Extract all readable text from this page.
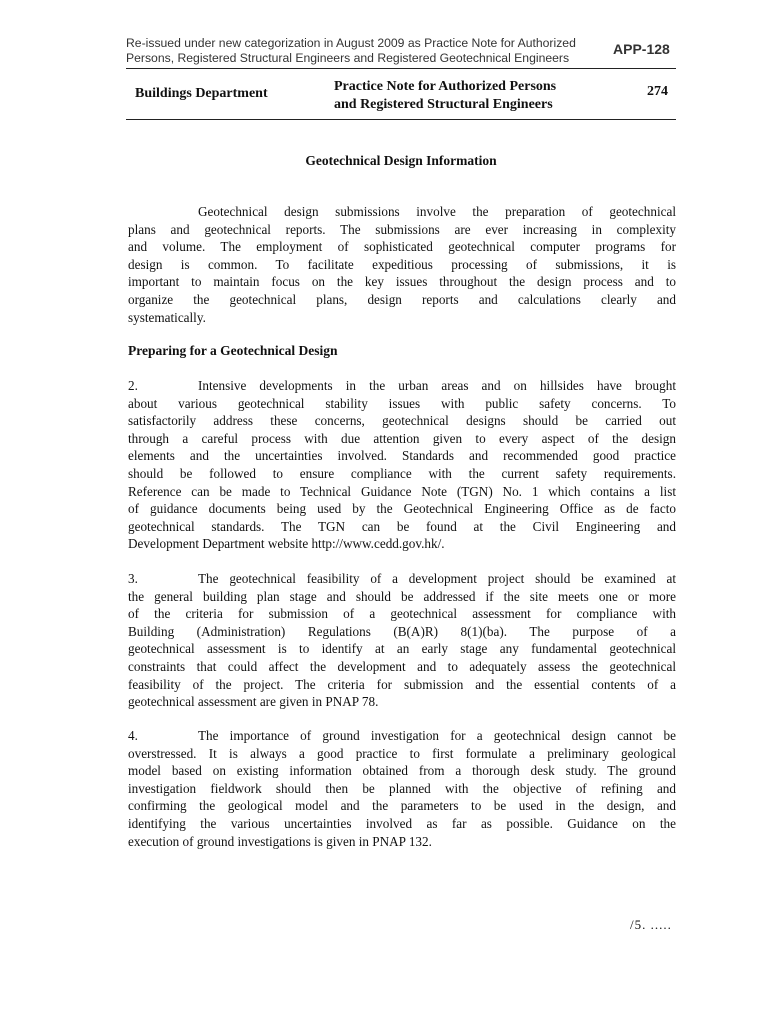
Re-issued under new categorization in August 2009 as Practice Note for Authorized
Persons, Registered Structural Engineers and Registered Geotechnical Engineers
APP-128
Buildings Department	Practice Note for Authorized Persons
and Registered Structural Engineers
274
Geotechnical Design Information
Geotechnical design submissions involve the preparation of geotechnical
plans and geotechnical reports. The submissions are ever increasing in complexity
and volume. The employment of sophisticated geotechnical computer programs for
design is common. To facilitate expeditious processing of submissions, it is
important to maintain focus on the key issues throughout the design process and to
organize the geotechnical plans, design reports and calculations clearly and
systematically.
Preparing for a Geotechnical Design
2.	Intensive developments in the urban areas and on hillsides have brought
about various geotechnical stability issues with public safety concerns. To
satisfactorily address these concerns, geotechnical designs should be carried out
through a careful process with due attention given to every aspect of the design
elements and the uncertainties involved. Standards and recommended good practice
should be followed to ensure compliance with the current safety requirements.
Reference can be made to Technical Guidance Note (TGN) No. 1 which contains a list
of guidance documents being used by the Geotechnical Engineering Office as de facto
geotechnical standards. The TGN can be found at the Civil Engineering and
Development Department website http://www.cedd.gov.hk/.
3.	The geotechnical feasibility of a development project should be examined at
the general building plan stage and should be addressed if the site meets one or more
of the criteria for submission of a geotechnical assessment for compliance with
Building (Administration) Regulations (B(A)R) 8(1)(ba). The purpose of a
geotechnical assessment is to identify at an early stage any fundamental geotechnical
constraints that could affect the development and to adequately assess the geotechnical
feasibility of the project. The criteria for submission and the essential contents of a
geotechnical assessment are given in PNAP 78.
4.	The importance of ground investigation for a geotechnical design cannot be
overstressed. It is always a good practice to first formulate a preliminary geological
model based on existing information obtained from a thorough desk study. The ground
investigation fieldwork should then be planned with the objective of refining and
confirming the geological model and the parameters to be used in the design, and
identifying the various uncertainties involved as far as possible. Guidance on the
execution of ground investigations is given in PNAP 132.
/5. .....
